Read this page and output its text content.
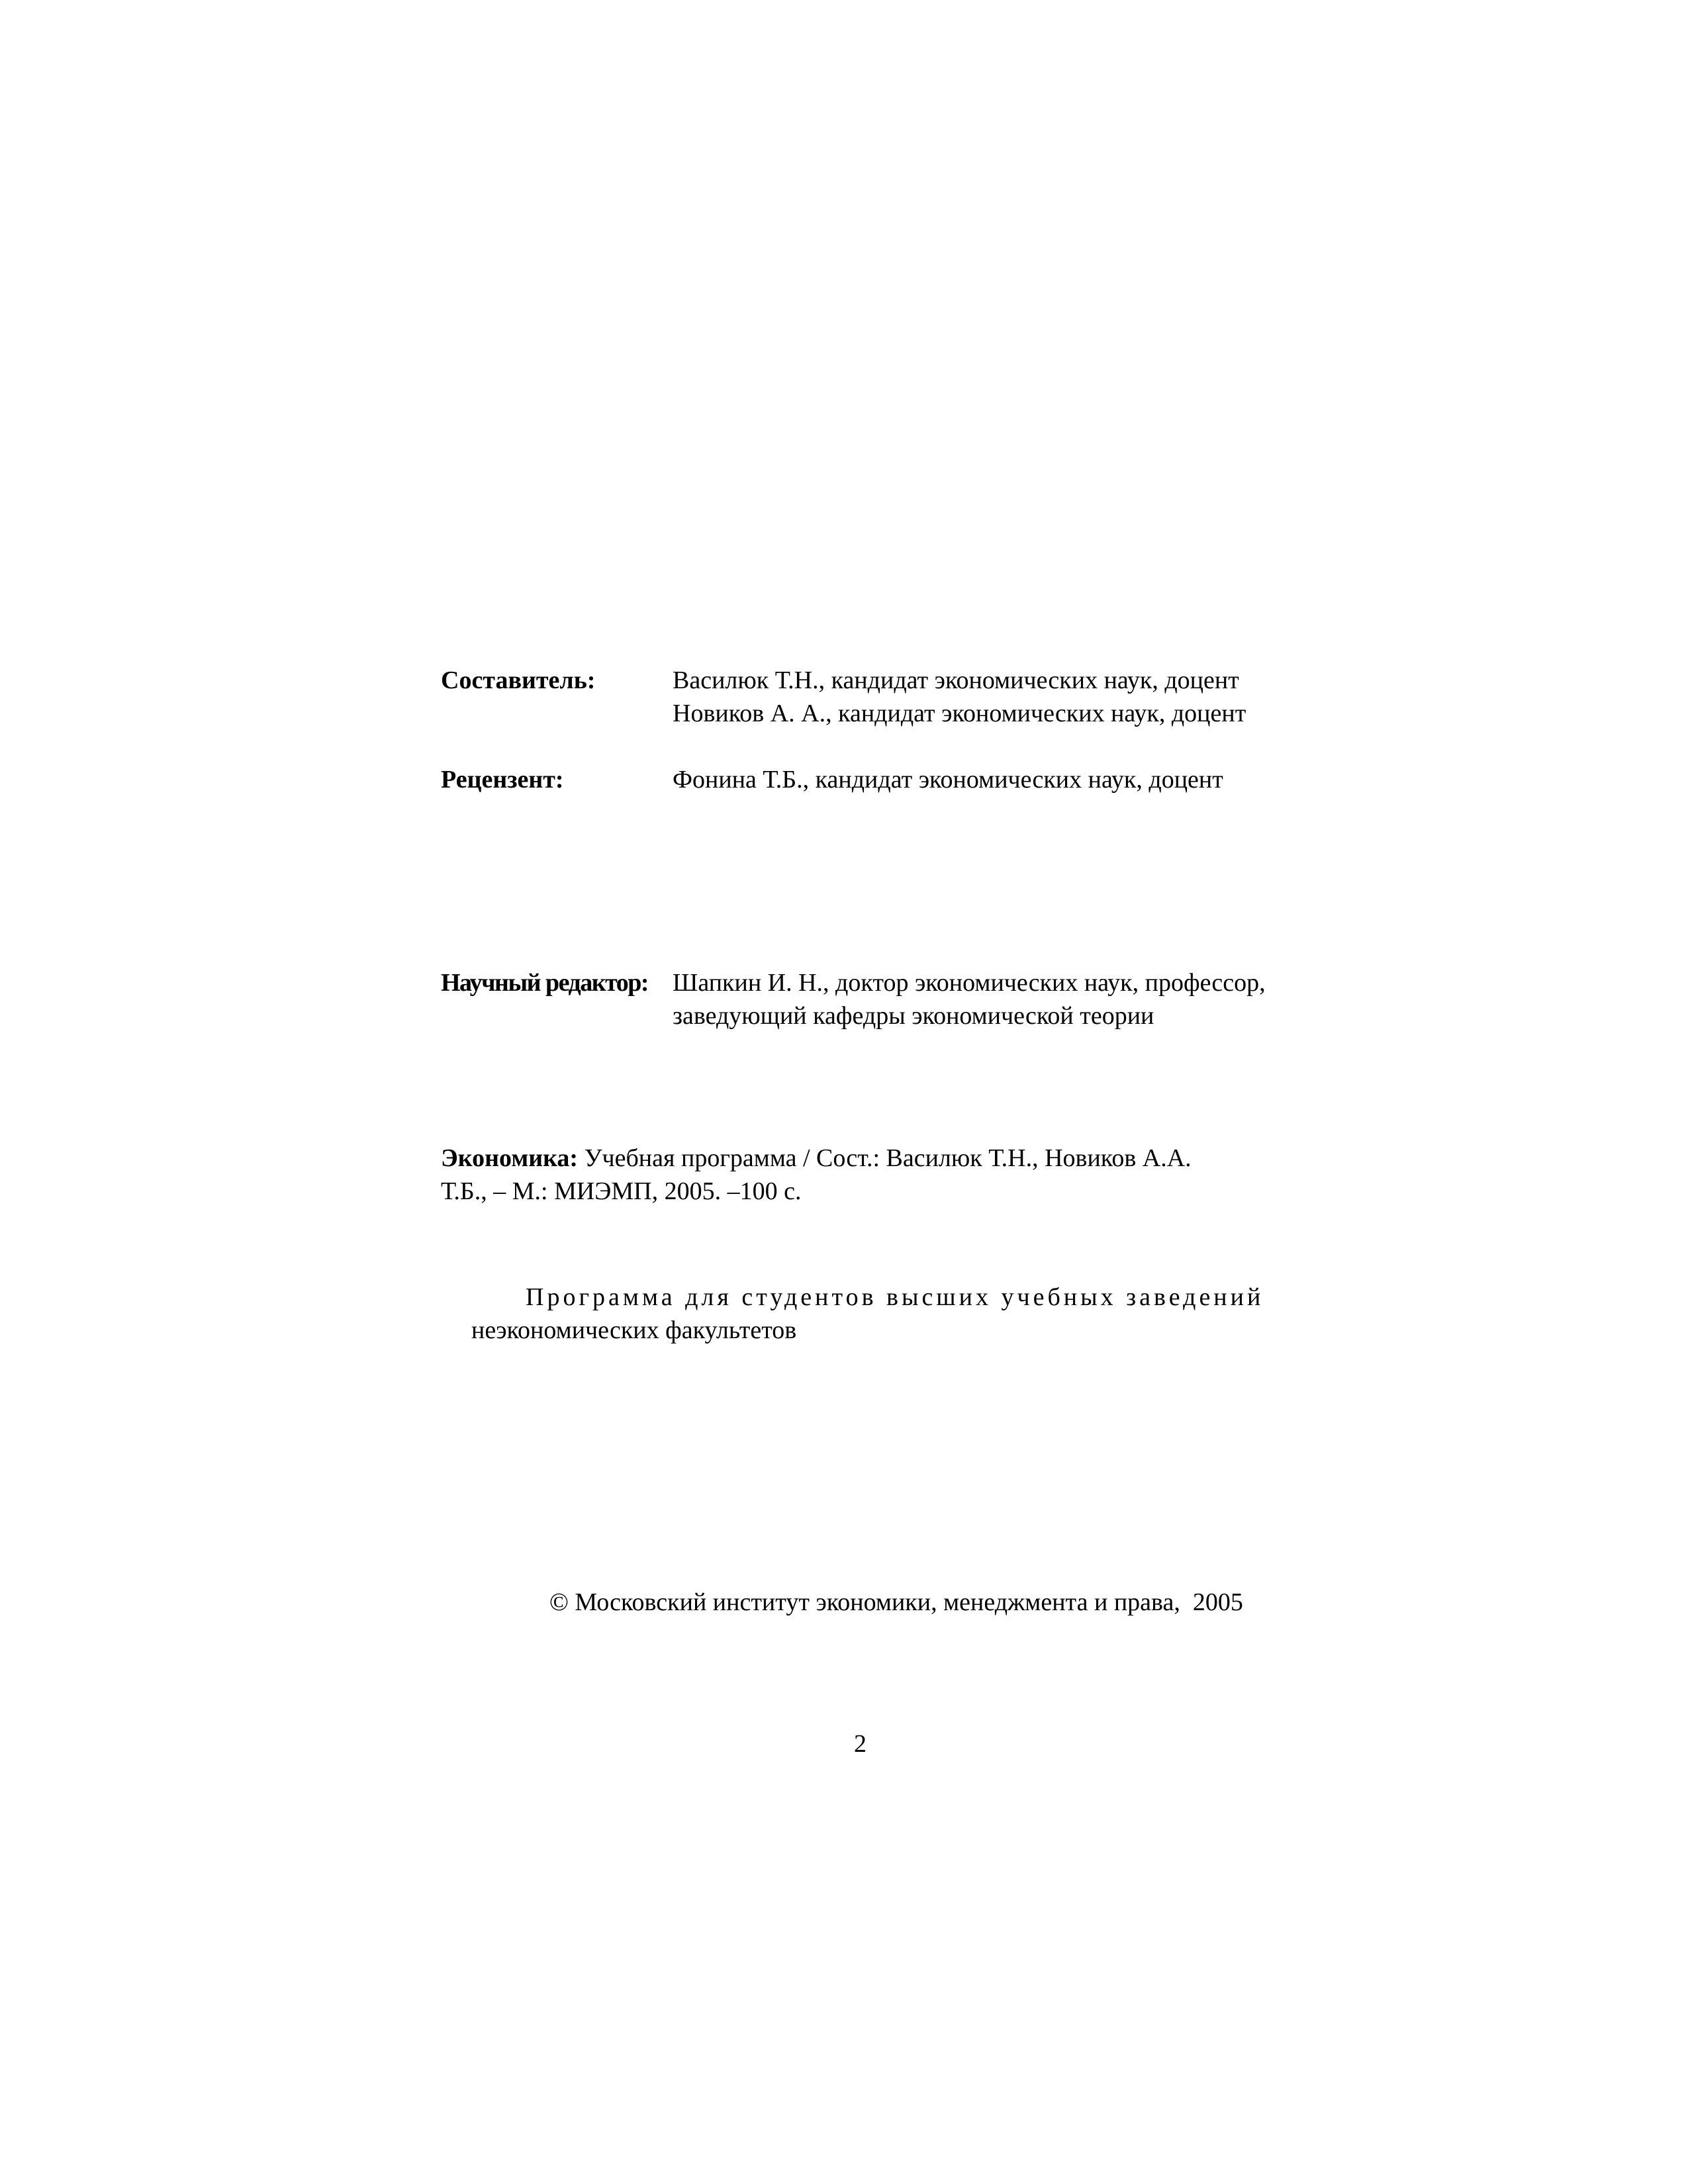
Составитель:	Василюк Т.Н., кандидат экономических наук, доцент
Новиков А. А., кандидат экономических наук, доцент
Рецензент:	Фонина Т.Б., кандидат экономических наук, доцент
Научный редактор: Шапкин И. Н., доктор экономических наук, профессор,
заведующий кафедры экономической теории
Экономика: Учебная программа / Сост.: Василюк Т.Н., Новиков А.А.
Т.Б., – М.: МИЭМП, 2005. –100 с.
Программа для студентов высших учебных заведений
неэкономических факультетов
© Московский институт экономики, менеджмента и права,  2005
2
